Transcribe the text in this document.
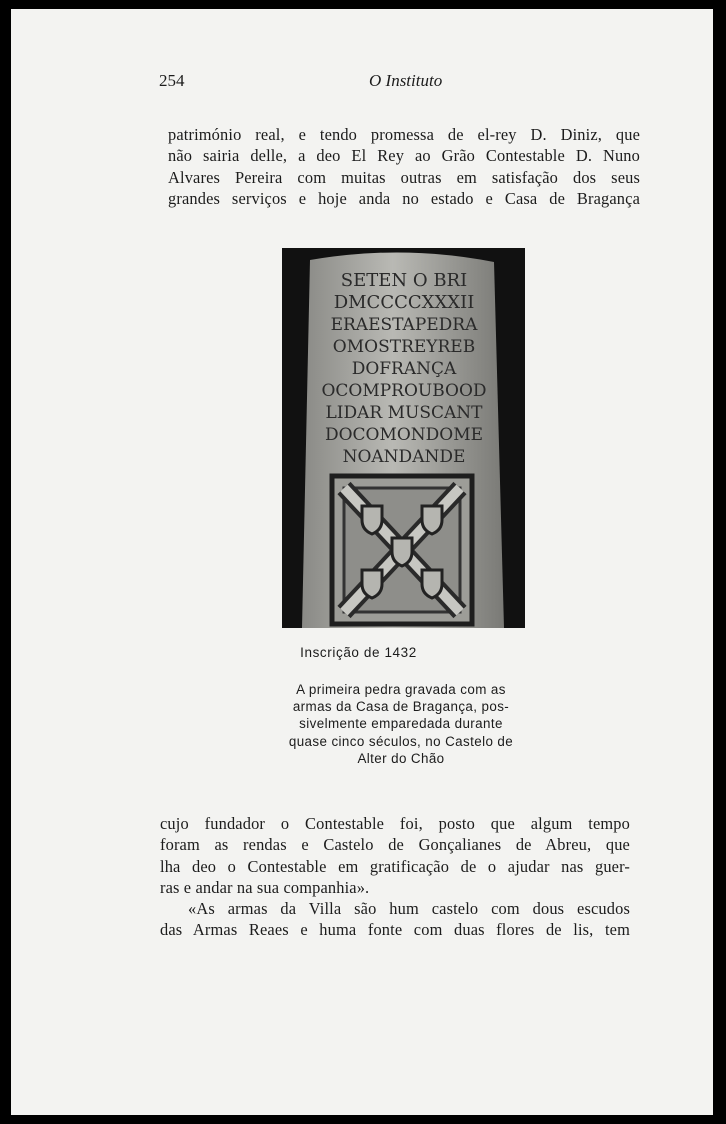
254	O Instituto

património real, e tendo promessa de el-rey D. Diniz, que
não sairia delle, a deo El Rey ao Grão Contestable D. Nuno
Alvares Pereira com muitas outras em satisfação dos seus
grandes serviços e hoje anda no estado e Casa de Bragança

SETEN O BRI
DMCCCCXXXII
ERAESTAPEDRA
OMOSTREYREB
DOFRANÇA
OCOMPROUBOOD
LIDAR MUSCANT
DOCOMONDOME
NOANDANDE
Inscrição de 1432
A primeira pedra gravada com as
armas da Casa de Bragança, pos-
sivelmente emparedada durante
quase cinco séculos, no Castelo de
Alter do Chão

cujo fundador o Contestable foi, posto que algum tempo
foram as rendas e Castelo de Gonçalianes de Abreu, que
lha deo o Contestable em gratificação de o ajudar nas guer-
ras e andar na sua companhia».
«As armas da Villa são hum castelo com dous escudos
das Armas Reaes e huma fonte com duas flores de lis, tem
